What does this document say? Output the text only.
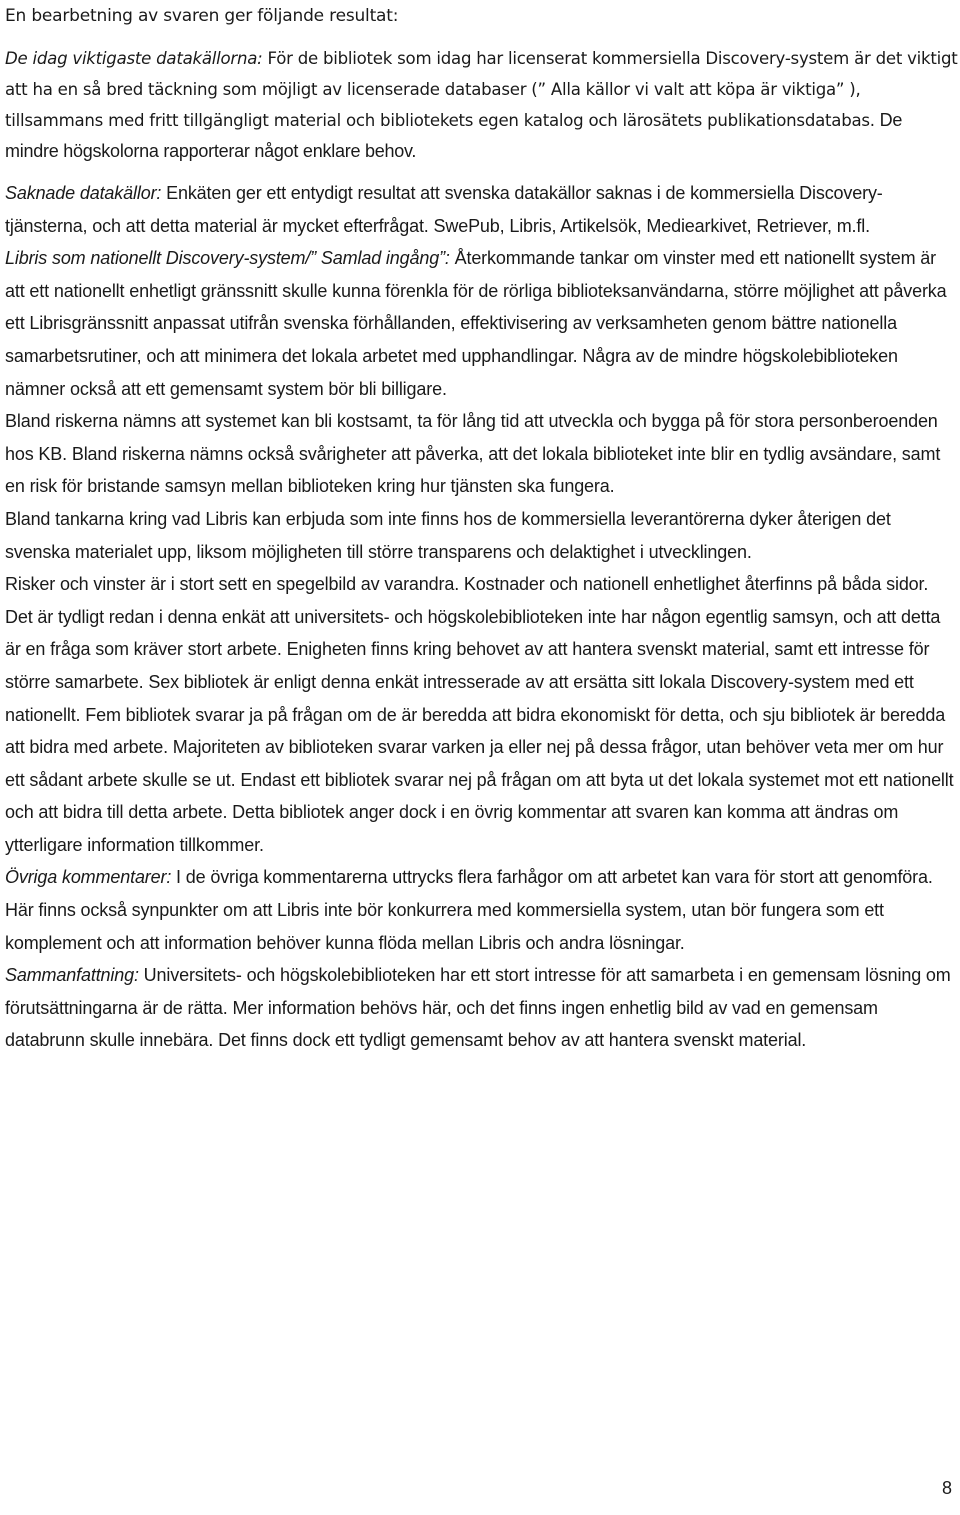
En bearbetning av svaren ger följande resultat:

De idag viktigaste datakällorna: För de bibliotek som idag har licenserat kommersiella Discovery-system är det viktigt att ha en så bred täckning som möjligt av licenserade databaser (” Alla källor vi valt att köpa är viktiga” ), tillsammans med fritt tillgängligt material och bibliotekets egen katalog och lärosätets publikationsdatabas. De mindre högskolorna rapporterar något enklare behov.

Saknade datakällor: Enkäten ger ett entydigt resultat att svenska datakällor saknas i de kommersiella Discovery-tjänsterna, och att detta material är mycket efterfrågat. SwePub, Libris, Artikelsök, Mediearkivet, Retriever, m.fl.

Libris som nationellt Discovery-system/” Samlad ingång”: Återkommande tankar om vinster med ett nationellt system är att ett nationellt enhetligt gränssnitt skulle kunna förenkla för de rörliga biblioteksanvändarna, större möjlighet att påverka ett Librisgränssnitt anpassat utifrån svenska förhållanden, effektivisering av verksamheten genom bättre nationella samarbetsrutiner, och att minimera det lokala arbetet med upphandlingar. Några av de mindre högskolebiblioteken nämner också att ett gemensamt system bör bli billigare.

Bland riskerna nämns att systemet kan bli kostsamt, ta för lång tid att utveckla och bygga på för stora personberoenden hos KB. Bland riskerna nämns också svårigheter att påverka, att det lokala biblioteket inte blir en tydlig avsändare, samt en risk för bristande samsyn mellan biblioteken kring hur tjänsten ska fungera.

Bland tankarna kring vad Libris kan erbjuda som inte finns hos de kommersiella leverantörerna dyker återigen det svenska materialet upp, liksom möjligheten till större transparens och delaktighet i utvecklingen.

Risker och vinster är i stort sett en spegelbild av varandra. Kostnader och nationell enhetlighet återfinns på båda sidor. Det är tydligt redan i denna enkät att universitets- och högskolebiblioteken inte har någon egentlig samsyn, och att detta är en fråga som kräver stort arbete. Enigheten finns kring behovet av att hantera svenskt material, samt ett intresse för större samarbete. Sex bibliotek är enligt denna enkät intresserade av att ersätta sitt lokala Discovery-system med ett nationellt. Fem bibliotek svarar ja på frågan om de är beredda att bidra ekonomiskt för detta, och sju bibliotek är beredda att bidra med arbete. Majoriteten av biblioteken svarar varken ja eller nej på dessa frågor, utan behöver veta mer om hur ett sådant arbete skulle se ut. Endast ett bibliotek svarar nej på frågan om att byta ut det lokala systemet mot ett nationellt och att bidra till detta arbete. Detta bibliotek anger dock i en övrig kommentar att svaren kan komma att ändras om ytterligare information tillkommer.

Övriga kommentarer: I de övriga kommentarerna uttrycks flera farhågor om att arbetet kan vara för stort att genomföra. Här finns också synpunkter om att Libris inte bör konkurrera med kommersiella system, utan bör fungera som ett komplement och att information behöver kunna flöda mellan Libris och andra lösningar.

Sammanfattning: Universitets- och högskolebiblioteken har ett stort intresse för att samarbeta i en gemensam lösning om förutsättningarna är de rätta. Mer information behövs här, och det finns ingen enhetlig bild av vad en gemensam databrunn skulle innebära. Det finns dock ett tydligt gemensamt behov av att hantera svenskt material.

8
